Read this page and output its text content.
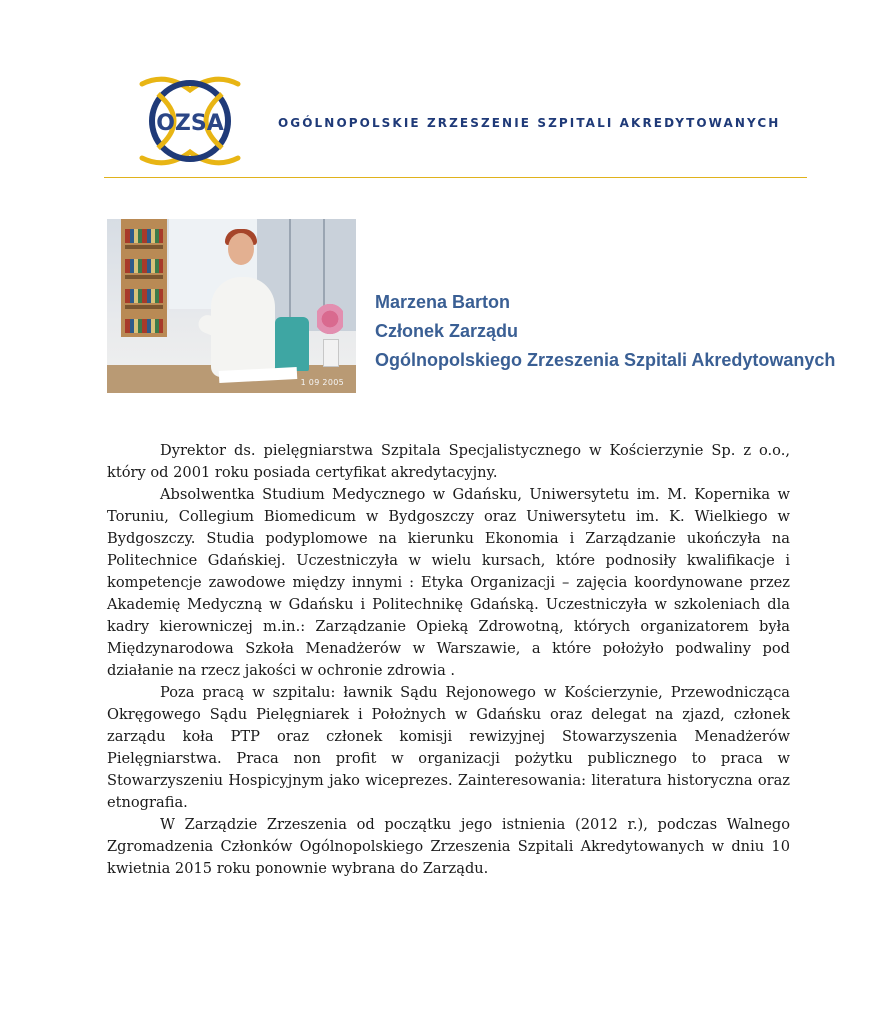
OZSA	OGÓLNOPOLSKIE ZRZESZENIE SZPITALI AKREDYTOWANYCH
1 09 2005
Marzena Barton
Członek Zarządu
Ogólnopolskiego Zrzeszenia Szpitali Akredytowanych

Dyrektor ds. pielęgniarstwa Szpitala Specjalistycznego w Kościerzynie Sp. z o.o., który od 2001 roku posiada certyfikat akredytacyjny.

Absolwentka Studium Medycznego w Gdańsku, Uniwersytetu im. M. Kopernika w Toruniu, Collegium Biomedicum w Bydgoszczy oraz Uniwersytetu im. K. Wielkiego w Bydgoszczy. Studia podyplomowe na kierunku Ekonomia i Zarządzanie ukończyła na Politechnice Gdańskiej. Uczestniczyła w wielu kursach, które podnosiły kwalifikacje i kompetencje zawodowe między innymi : Etyka Organizacji – zajęcia koordynowane przez Akademię Medyczną w Gdańsku i Politechnikę Gdańską. Uczestniczyła w szkoleniach dla kadry kierowniczej m.in.: Zarządzanie Opieką Zdrowotną, których organizatorem była Międzynarodowa Szkoła Menadżerów w Warszawie, a które położyło podwaliny pod działanie na rzecz jakości w ochronie zdrowia .

Poza pracą w szpitalu: ławnik Sądu Rejonowego w Kościerzynie, Przewodnicząca Okręgowego Sądu Pielęgniarek i Położnych w Gdańsku oraz delegat na zjazd, członek zarządu koła PTP oraz członek komisji rewizyjnej Stowarzyszenia Menadżerów Pielęgniarstwa. Praca non profit w organizacji pożytku publicznego to praca w Stowarzyszeniu Hospicyjnym jako wiceprezes. Zainteresowania: literatura historyczna oraz etnografia.

W Zarządzie Zrzeszenia od początku jego istnienia (2012 r.), podczas Walnego Zgromadzenia Członków Ogólnopolskiego Zrzeszenia Szpitali Akredytowanych w dniu 10 kwietnia 2015 roku ponownie wybrana do Zarządu.
